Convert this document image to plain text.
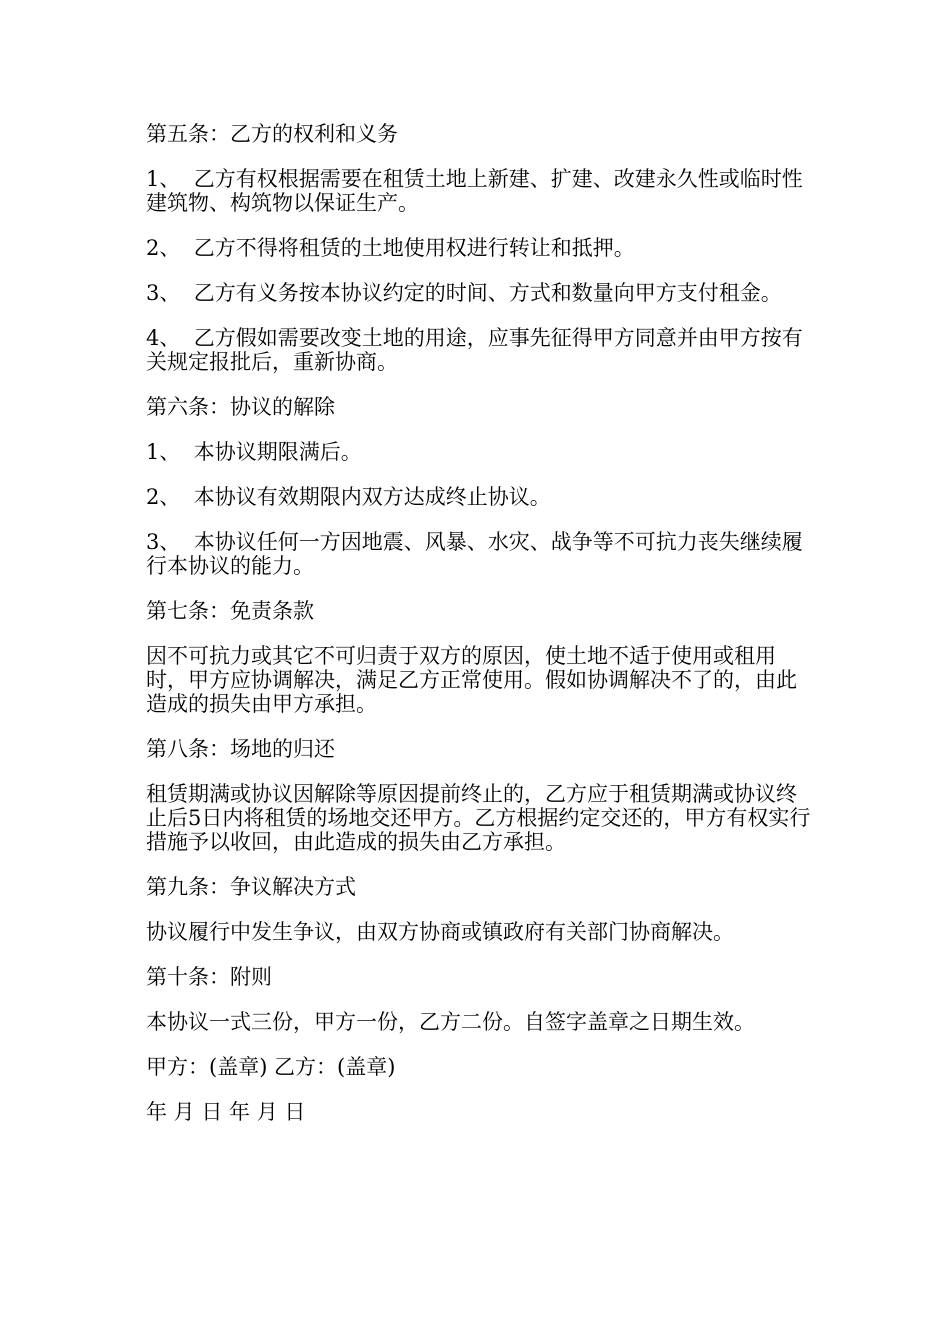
第五条：乙方的权利和义务

1、  乙方有权根据需要在租赁土地上新建、扩建、改建永久性或临时性建筑物、构筑物以保证生产。

2、  乙方不得将租赁的土地使用权进行转让和抵押。

3、  乙方有义务按本协议约定的时间、方式和数量向甲方支付租金。

4、  乙方假如需要改变土地的用途，应事先征得甲方同意并由甲方按有关规定报批后，重新协商。

第六条：协议的解除

1、  本协议期限满后。

2、  本协议有效期限内双方达成终止协议。

3、  本协议任何一方因地震、风暴、水灾、战争等不可抗力丧失继续履行本协议的能力。

第七条：免责条款

因不可抗力或其它不可归责于双方的原因，使土地不适于使用或租用时，甲方应协调解决，满足乙方正常使用。假如协调解决不了的，由此造成的损失由甲方承担。

第八条：场地的归还

租赁期满或协议因解除等原因提前终止的，乙方应于租赁期满或协议终止后5日内将租赁的场地交还甲方。乙方根据约定交还的，甲方有权实行措施予以收回，由此造成的损失由乙方承担。

第九条：争议解决方式

协议履行中发生争议，由双方协商或镇政府有关部门协商解决。

第十条：附则

本协议一式三份，甲方一份，乙方二份。自签字盖章之日期生效。

甲方：(盖章) 乙方：(盖章)

年 月 日 年 月 日
